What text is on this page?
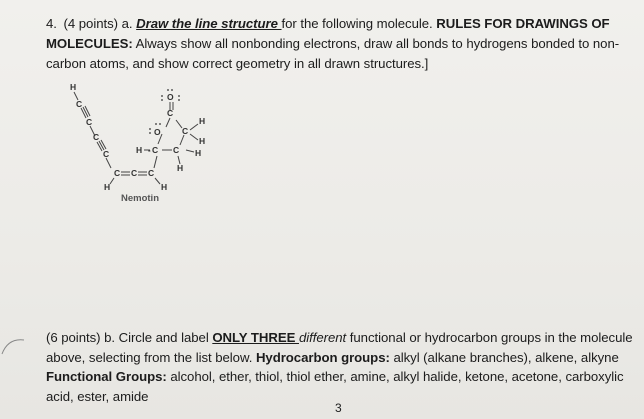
4. (4 points) a. Draw the line structure for the following molecule. RULES FOR DRAWINGS OF MOLECULES: Always show all nonbonding electrons, draw all bonds to hydrogens bonded to non-carbon atoms, and show correct geometry in all drawn structures.]
H
C
C
C
C
C
H	H
O
O
C C
C
H
H
H
H
H C C
C
-
Nemotin
(6 points) b. Circle and label ONLY THREE different functional or hydrocarbon groups in the molecule above, selecting from the list below. Hydrocarbon groups: alkyl (alkane branches), alkene, alkyne
Functional Groups: alcohol, ether, thiol, thiol ether, amine, alkyl halide, ketone, acetone, carboxylic acid, ester, amide
3
